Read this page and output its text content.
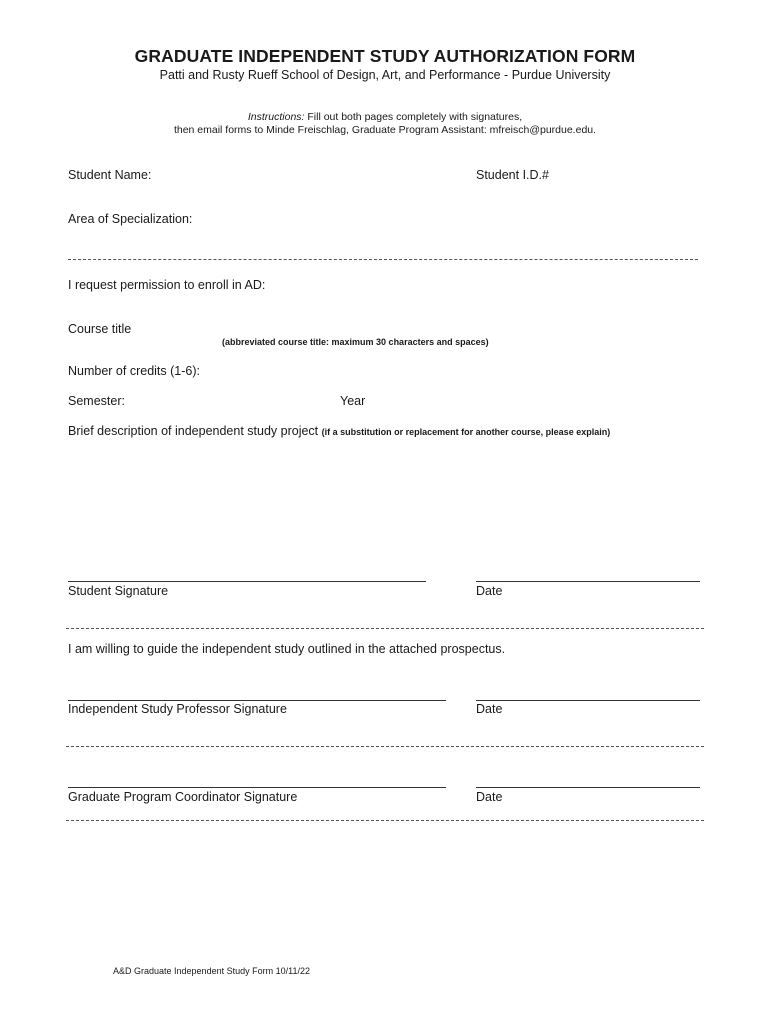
GRADUATE INDEPENDENT STUDY AUTHORIZATION FORM
Patti and Rusty Rueff School of Design, Art, and Performance - Purdue University
Instructions: Fill out both pages completely with signatures,
then email forms to Minde Freischlag, Graduate Program Assistant: mfreisch@purdue.edu.
Student Name:	Student I.D.#
Area of Specialization:
I request permission to enroll in AD:
Course title
(abbreviated course title: maximum 30 characters and spaces)
Number of credits (1-6):
Semester:	Year
Brief description of independent study project (if a substitution or replacement for another course, please explain)
Student Signature	Date
I am willing to guide the independent study outlined in the attached prospectus.
Independent Study Professor Signature	Date
Graduate Program Coordinator Signature	Date
A&D Graduate Independent Study Form 10/11/22
